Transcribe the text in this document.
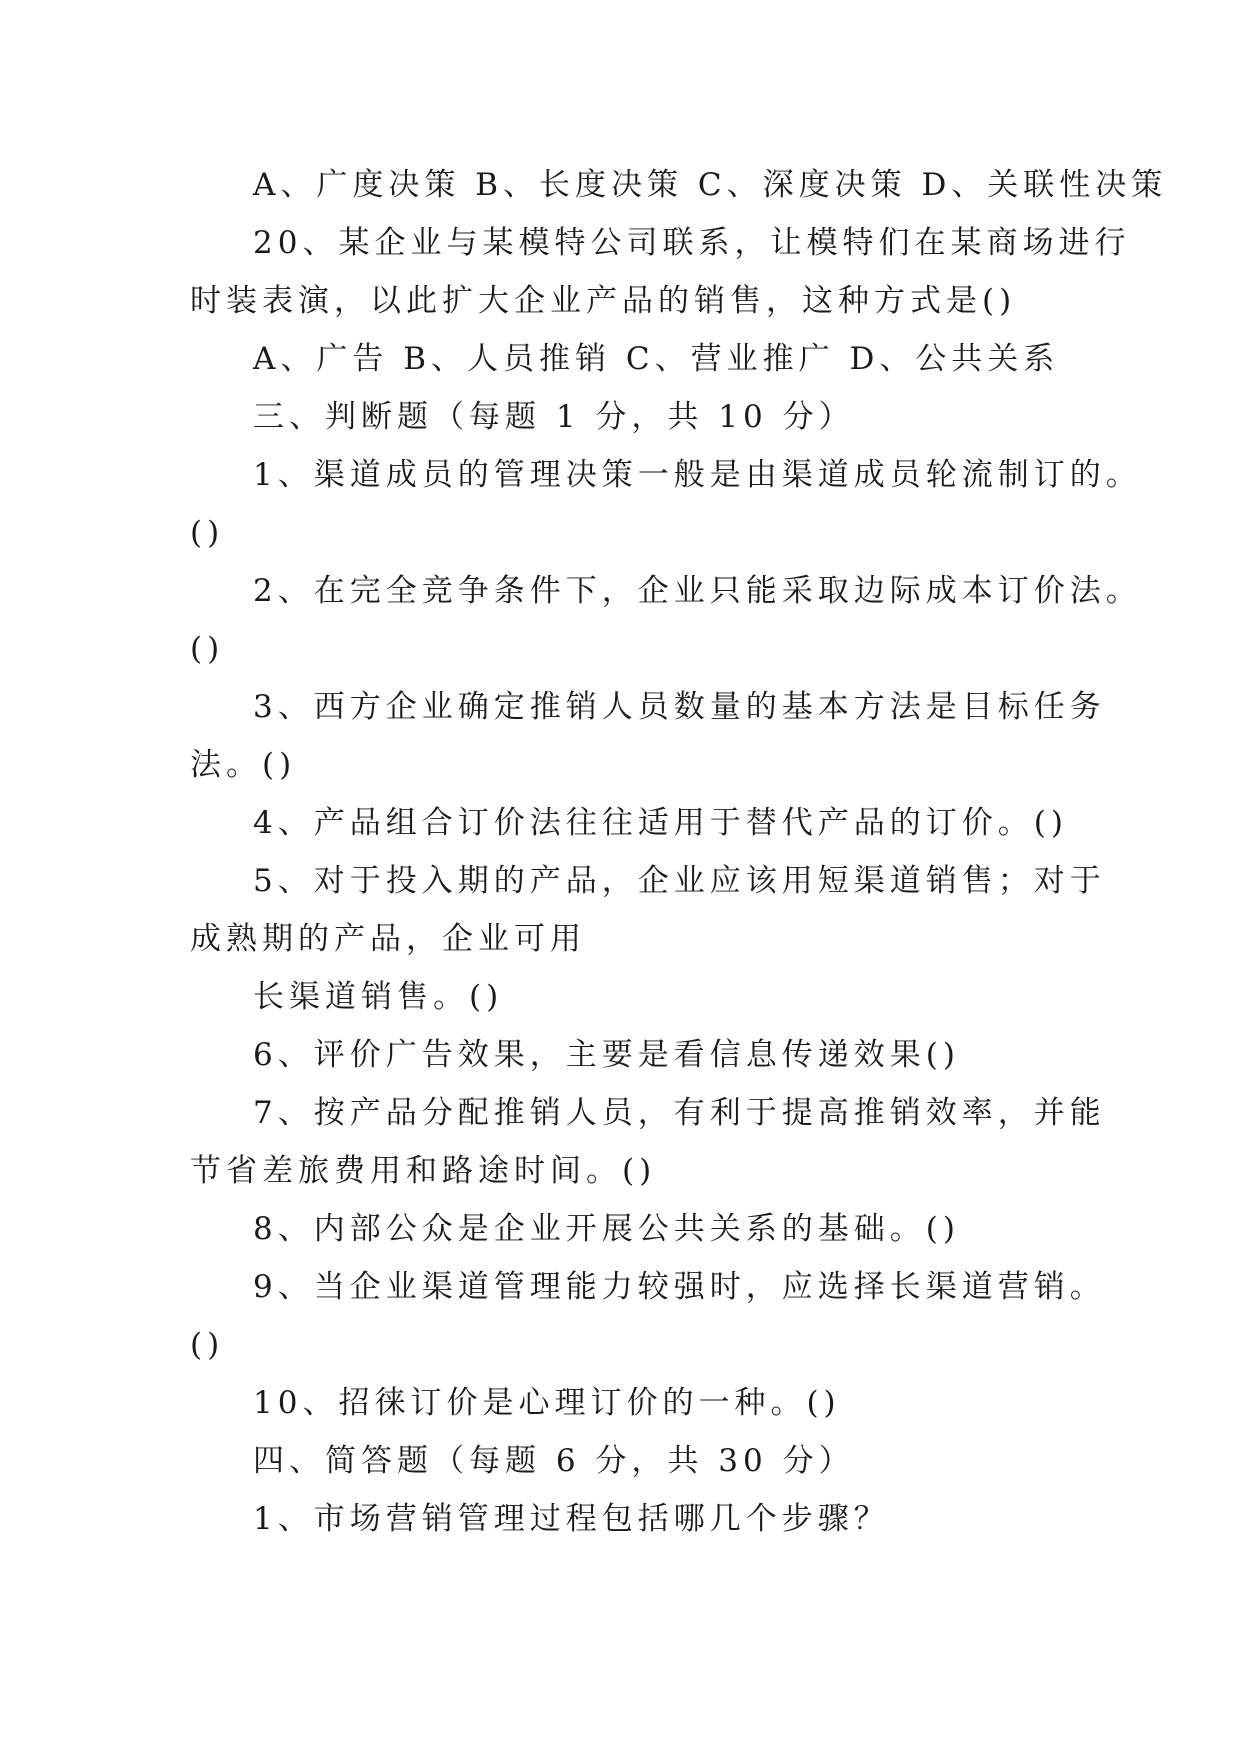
A、广度决策 B、长度决策 C、深度决策 D、关联性决策
20、某企业与某模特公司联系，让模特们在某商场进行
时装表演，以此扩大企业产品的销售，这种方式是()
A、广告 B、人员推销 C、营业推广 D、公共关系
三、判断题（每题 1 分，共 10 分）
1、渠道成员的管理决策一般是由渠道成员轮流制订的。
()
2、在完全竞争条件下，企业只能采取边际成本订价法。
()
3、西方企业确定推销人员数量的基本方法是目标任务
法。()
4、产品组合订价法往往适用于替代产品的订价。()
5、对于投入期的产品，企业应该用短渠道销售；对于
成熟期的产品，企业可用
长渠道销售。()
6、评价广告效果，主要是看信息传递效果()
7、按产品分配推销人员，有利于提高推销效率，并能
节省差旅费用和路途时间。()
8、内部公众是企业开展公共关系的基础。()
9、当企业渠道管理能力较强时，应选择长渠道营销。
()
10、招徕订价是心理订价的一种。()
四、简答题（每题 6 分，共 30 分）
1、市场营销管理过程包括哪几个步骤？
